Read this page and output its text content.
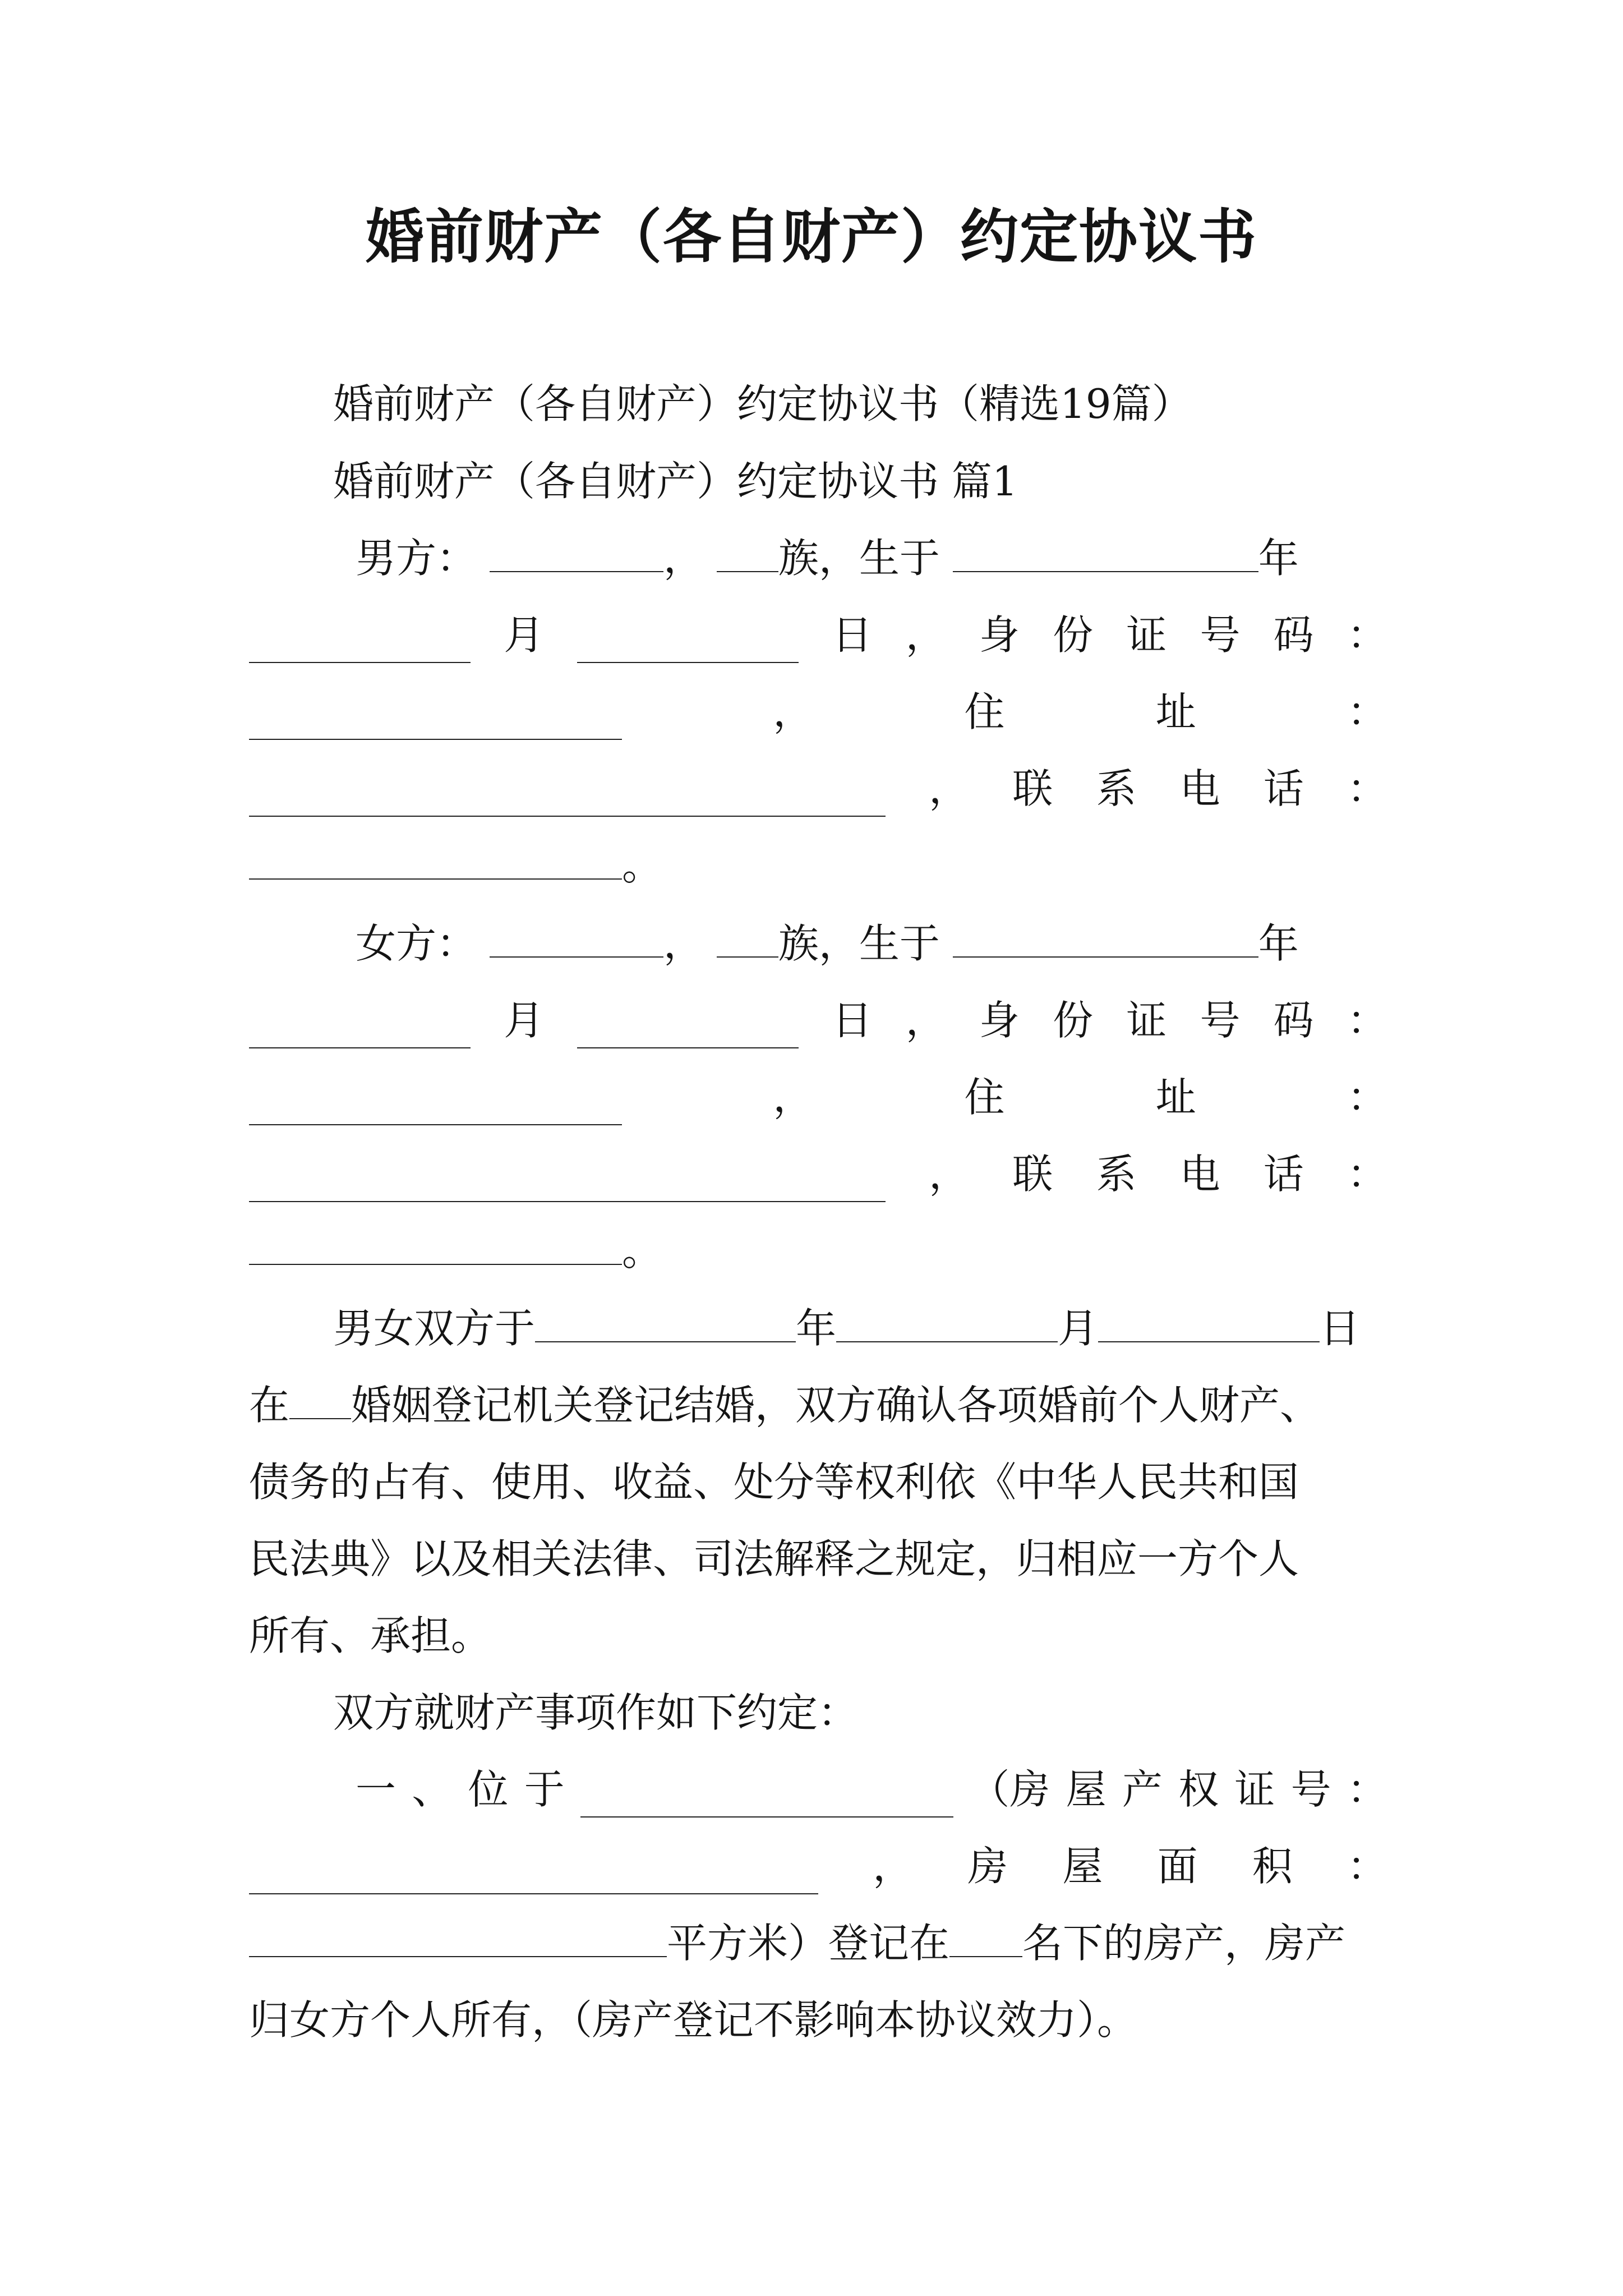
婚前财产（各自财产）约定协议书
婚前财产（各自财产）约定协议书（精选19篇）
婚前财产（各自财产）约定协议书 篇1
男方：	， 族，生于	年
月	日 ， 身 份 证 号 码 ：
，	住	址	：
， 联 系 电 话 ：
。
女方：	， 族，生于	年
月	日 ， 身 份 证 号 码 ：
，	住	址	：
， 联 系 电 话 ：
。
男女双方于	年	月	日
在 婚姻登记机关登记结婚，双方确认各项婚前个人财产、
债务的占有、使用、收益、处分等权利依《中华人民共和国
民法典》以及相关法律、司法解释之规定，归相应一方个人
所有、承担。
双方就财产事项作如下约定：
一 、 位 于	（房 屋 产 权 证 号 ：
， 房 屋 面 积 ：
平方米）登记在 名下的房产，房产
归女方个人所有，（房产登记不影响本协议效力）。
